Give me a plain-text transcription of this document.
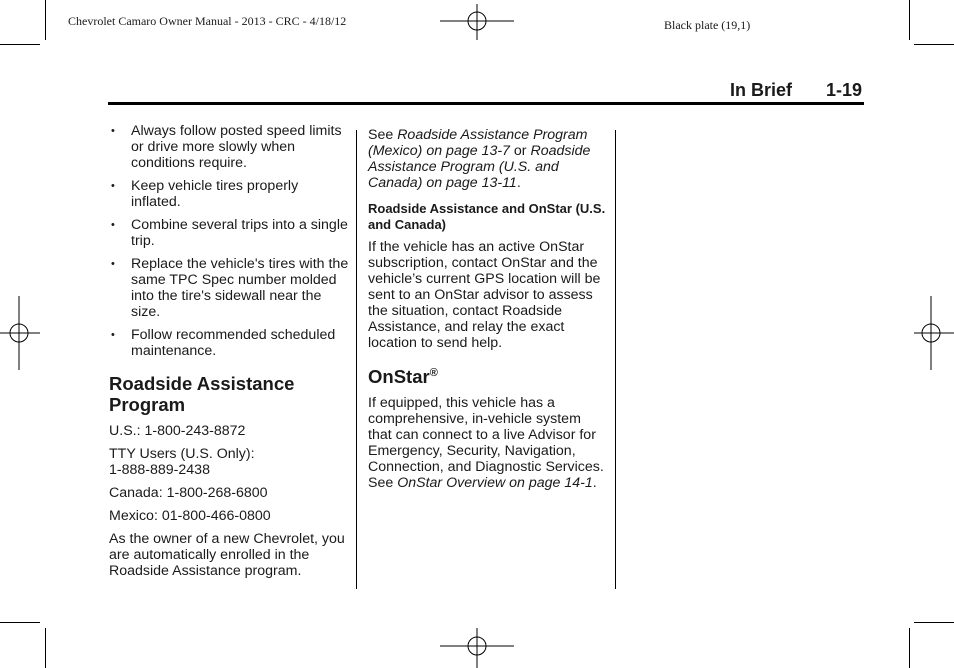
Chevrolet Camaro Owner Manual - 2013 - CRC - 4/18/12	Black plate (19,1)
In Brief 1-19
• Always follow posted speed limits or drive more slowly when conditions require.
• Keep vehicle tires properly inflated.
• Combine several trips into a single trip.
• Replace the vehicle's tires with the same TPC Spec number molded into the tire's sidewall near the size.
• Follow recommended scheduled maintenance.
Roadside Assistance Program

U.S.: 1-800-243-8872

TTY Users (U.S. Only):
1-888-889-2438

Canada: 1-800-268-6800

Mexico: 01-800-466-0800

As the owner of a new Chevrolet, you are automatically enrolled in the Roadside Assistance program.

See Roadside Assistance Program (Mexico) on page 13-7 or Roadside Assistance Program (U.S. and Canada) on page 13-11.

Roadside Assistance and OnStar (U.S. and Canada)

If the vehicle has an active OnStar subscription, contact OnStar and the vehicle’s current GPS location will be sent to an OnStar advisor to assess the situation, contact Roadside Assistance, and relay the exact location to send help.

OnStar®

If equipped, this vehicle has a comprehensive, in-vehicle system that can connect to a live Advisor for Emergency, Security, Navigation, Connection, and Diagnostic Services. See OnStar Overview on page 14-1.
